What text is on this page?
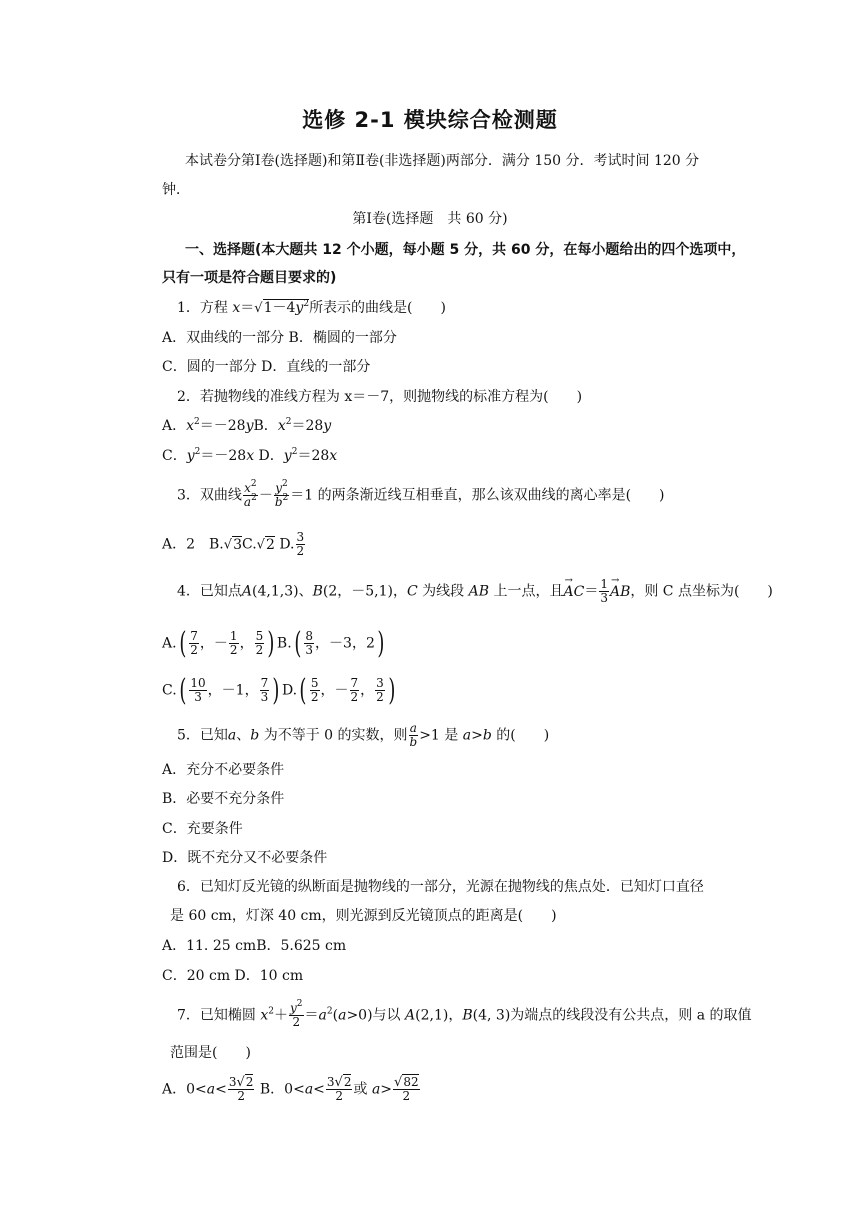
选修 2-1 模块综合检测题
本试卷分第Ⅰ卷(选择题)和第Ⅱ卷(非选择题)两部分．满分 150 分．考试时间 120 分
钟．
第Ⅰ卷(选择题　共 60 分)
一、选择题(本大题共 12 个小题，每小题 5 分，共 60 分，在每小题给出的四个选项中，
只有一项是符合题目要求的)
1．方程 $x=√1-4y^2$所表示的曲线是(　　)
A．双曲线的一部分 B．椭圆的一部分
C．圆的一部分 D．直线的一部分
2．若抛物线的准线方程为 x＝－7，则抛物线的标准方程为(　　)
A．$x^2=-28yB$．$x^2=28y$
C．$y^2=-28x$ D．$y^2=28x$
3．双曲线 $\frac{x^2}{a^2} - \frac{y^2}{b^2} =1$ 的两条渐近线互相垂直，那么该双曲线的离心率是(　　)
A．2　B.√3C.√2 D. $\frac{3}{2}$
4．已知点A(4,1,3)、B(2，－5,1)，C 为线段 AB 上一点，且→ $AC= \frac{1}{3}$
→ AB，则 C 点坐标为(　　)
$A.( \frac{7}{2}$ ，－ $\frac{1}{2}$ ， $\frac{5}{2}$ ) $B.( \frac{8}{3}$ ，－3，2)
$C.( \frac{10}{3}$ ，－1， $\frac{7}{3}$ ) $D.( \frac{5}{2}$ ，－ $\frac{7}{2}$ ， $\frac{3}{2}$ )
5．已知a、b 为不等于 0 的实数，则 $\frac{a}{b} >1$ 是 a>b 的(　　)
A．充分不必要条件
B．必要不充分条件
C．充要条件
D．既不充分又不必要条件
6．已知灯反光镜的纵断面是抛物线的一部分，光源在抛物线的焦点处．已知灯口直径
是 60 cm，灯深 40 cm，则光源到反光镜顶点的距离是(　　)
A．11. 25 cmB．5.625 cm
C．20 cm D．10 cm
7．已知椭圆 $x^2+ \frac{y^2}{2} =a^2(a>0)$与以 A(2,1)，B(4, 3)为端点的线段没有公共点，则 a 的取值
范围是(　　)
A．$0<a< \frac{3√2}{2}$ B．$0<a< \frac{3√2}{2}$ 或 $a> \frac{√82}{2}$
